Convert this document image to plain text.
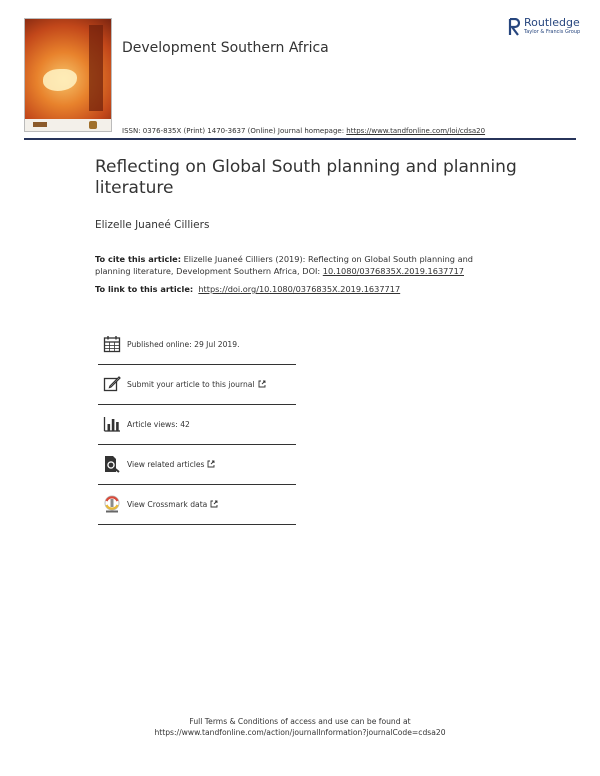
Development Southern Africa
Routledge
Taylor & Francis Group
ISSN: 0376-835X (Print) 1470-3637 (Online) Journal homepage: https://www.tandfonline.com/loi/cdsa20
Reflecting on Global South planning and planning literature
Elizelle Juaneé Cilliers
To cite this article: Elizelle Juaneé Cilliers (2019): Reflecting on Global South planning and planning literature, Development Southern Africa, DOI: 10.1080/0376835X.2019.1637717
To link to this article: https://doi.org/10.1080/0376835X.2019.1637717
Published online: 29 Jul 2019.
Submit your article to this journal
Article views: 42
View related articles
View Crossmark data
Full Terms & Conditions of access and use can be found at
https://www.tandfonline.com/action/journalInformation?journalCode=cdsa20
